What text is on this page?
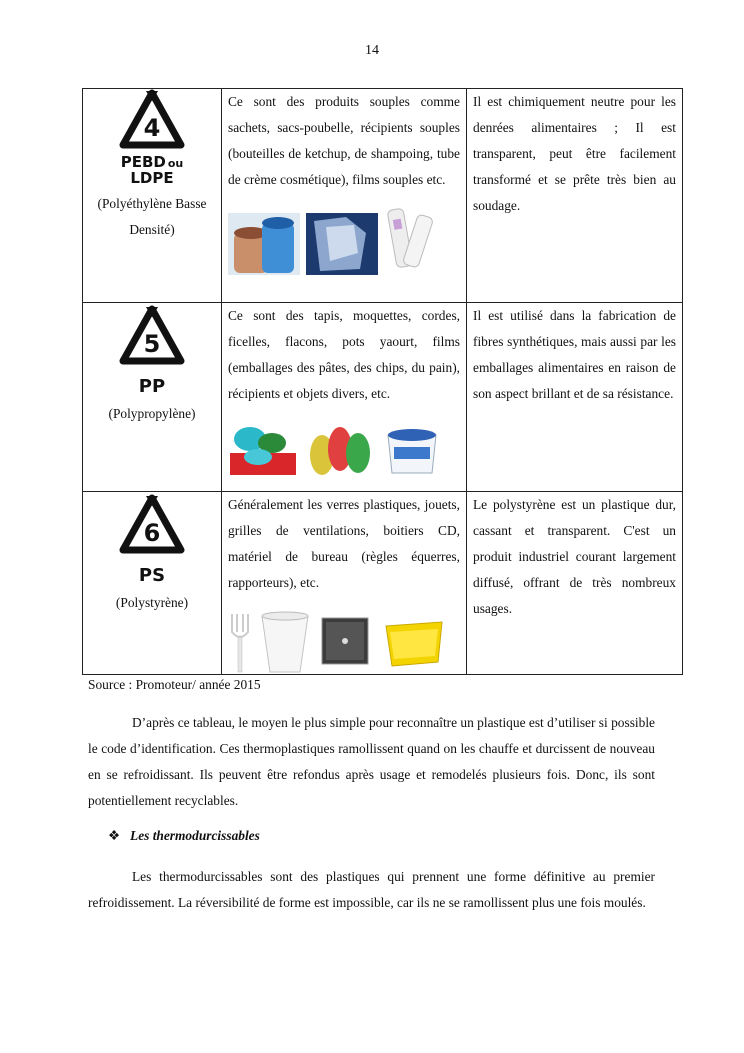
14
4
PEBD ou
LDPE
(Polyéthylène Basse Densité)	Ce sont des produits souples comme sachets, sacs-poubelle, récipients souples (bouteilles de ketchup, de shampoing, tube de crème cosmétique), films souples etc.	Il est chimiquement neutre pour les denrées alimentaires ; Il est transparent, peut être facilement transformé et se prête très bien au soudage.

5
PP
(Polypropylène)	Ce sont des tapis, moquettes, cordes, ficelles, flacons, pots yaourt, films (emballages des pâtes, des chips, du pain), récipients et objets divers, etc.	Il est utilisé dans la fabrication de fibres synthétiques, mais aussi par les emballages alimentaires en raison de son aspect brillant et de sa résistance.

6
PS
(Polystyrène)	Généralement les verres plastiques, jouets, grilles de ventilations, boitiers CD, matériel de bureau (règles équerres, rapporteurs), etc.	Le polystyrène est un plastique dur, cassant et transparent. C'est un produit industriel courant largement diffusé, offrant de très nombreux usages.
Source : Promoteur/ année 2015

D’après ce tableau, le moyen le plus simple pour reconnaître un plastique est d’utiliser si possible le code d’identification. Ces thermoplastiques ramollissent quand on les chauffe et durcissent de nouveau en se refroidissant. Ils peuvent être refondus après usage et remodelés plusieurs fois. Donc, ils sont potentiellement recyclables.

❖ Les thermodurcissables

Les thermodurcissables sont des plastiques qui prennent une forme définitive au premier refroidissement. La réversibilité de forme est impossible, car ils ne se ramollissent plus une fois moulés.
